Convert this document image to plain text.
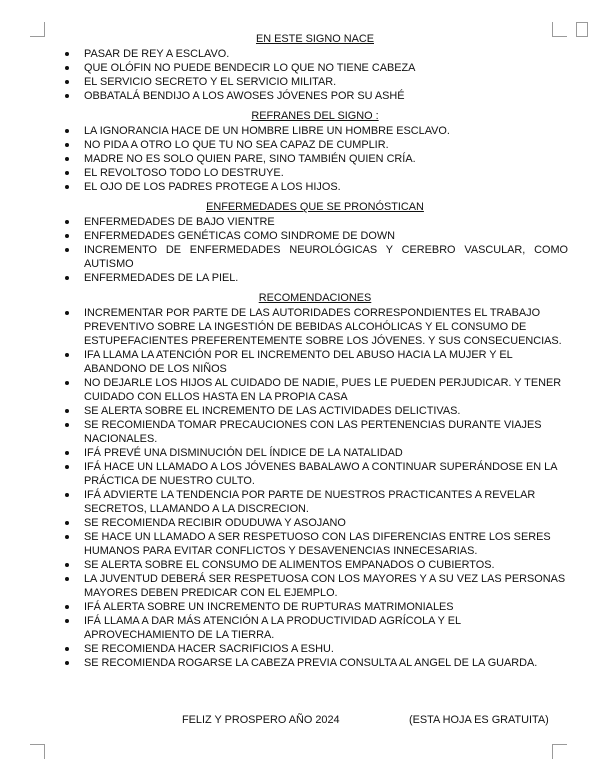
EN ESTE SIGNO NACE
PASAR DE REY A ESCLAVO.
QUE OLÓFIN NO PUEDE BENDECIR LO QUE NO TIENE CABEZA
EL SERVICIO SECRETO Y EL SERVICIO MILITAR.
OBBATALÁ BENDIJO A LOS AWOSES JÓVENES POR SU ASHÉ
REFRANES DEL SIGNO :
LA IGNORANCIA HACE DE UN HOMBRE LIBRE UN HOMBRE ESCLAVO.
NO PIDA A OTRO LO QUE TU NO SEA CAPAZ DE CUMPLIR.
MADRE NO ES SOLO QUIEN PARE, SINO TAMBIÉN QUIEN CRÍA.
EL REVOLTOSO TODO LO DESTRUYE.
EL OJO DE LOS PADRES PROTEGE A LOS HIJOS.
ENFERMEDADES QUE SE PRONÓSTICAN
ENFERMEDADES DE BAJO VIENTRE
ENFERMEDADES GENÉTICAS COMO SINDROME DE DOWN
INCREMENTO DE ENFERMEDADES NEUROLÓGICAS Y CEREBRO VASCULAR, COMO AUTISMO
ENFERMEDADES DE LA PIEL.
RECOMENDACIONES
INCREMENTAR POR PARTE DE LAS AUTORIDADES CORRESPONDIENTES EL TRABAJO PREVENTIVO SOBRE LA INGESTIÓN DE BEBIDAS ALCOHÓLICAS Y EL CONSUMO DE ESTUPEFACIENTES PREFERENTEMENTE SOBRE LOS JÓVENES. Y SUS CONSECUENCIAS.
IFA LLAMA LA ATENCIÓN POR EL INCREMENTO DEL ABUSO HACIA LA MUJER Y EL ABANDONO DE LOS NIÑOS
NO DEJARLE LOS HIJOS AL CUIDADO DE NADIE, PUES LE PUEDEN PERJUDICAR. Y TENER CUIDADO CON ELLOS HASTA EN LA PROPIA CASA
SE ALERTA SOBRE EL INCREMENTO DE LAS ACTIVIDADES DELICTIVAS.
SE RECOMIENDA TOMAR PRECAUCIONES CON LAS PERTENENCIAS DURANTE VIAJES NACIONALES.
IFÁ PREVÉ UNA DISMINUCIÓN DEL ÍNDICE DE LA NATALIDAD
IFÁ HACE UN LLAMADO A LOS JÓVENES BABALAWO A CONTINUAR SUPERÁNDOSE EN LA PRÁCTICA DE NUESTRO CULTO.
IFÁ ADVIERTE LA TENDENCIA POR PARTE DE NUESTROS PRACTICANTES A REVELAR SECRETOS, LLAMANDO A LA DISCRECION.
SE RECOMIENDA RECIBIR ODUDUWA Y ASOJANO
SE HACE UN LLAMADO A SER RESPETUOSO CON LAS DIFERENCIAS ENTRE LOS SERES HUMANOS PARA EVITAR CONFLICTOS Y DESAVENENCIAS INNECESARIAS.
SE ALERTA SOBRE EL CONSUMO DE ALIMENTOS EMPANADOS O CUBIERTOS.
LA JUVENTUD DEBERÁ SER RESPETUOSA CON LOS MAYORES Y A SU VEZ LAS PERSONAS MAYORES DEBEN PREDICAR CON EL EJEMPLO.
IFÁ ALERTA SOBRE UN INCREMENTO DE RUPTURAS MATRIMONIALES
IFÁ LLAMA A DAR MÁS ATENCIÓN A LA PRODUCTIVIDAD AGRÍCOLA Y EL APROVECHAMIENTO DE LA TIERRA.
SE RECOMIENDA HACER SACRIFICIOS A ESHU.
SE RECOMIENDA ROGARSE LA CABEZA PREVIA CONSULTA AL ANGEL DE LA GUARDA.
FELIZ Y PROSPERO AÑO 2024	(ESTA HOJA ES GRATUITA)
